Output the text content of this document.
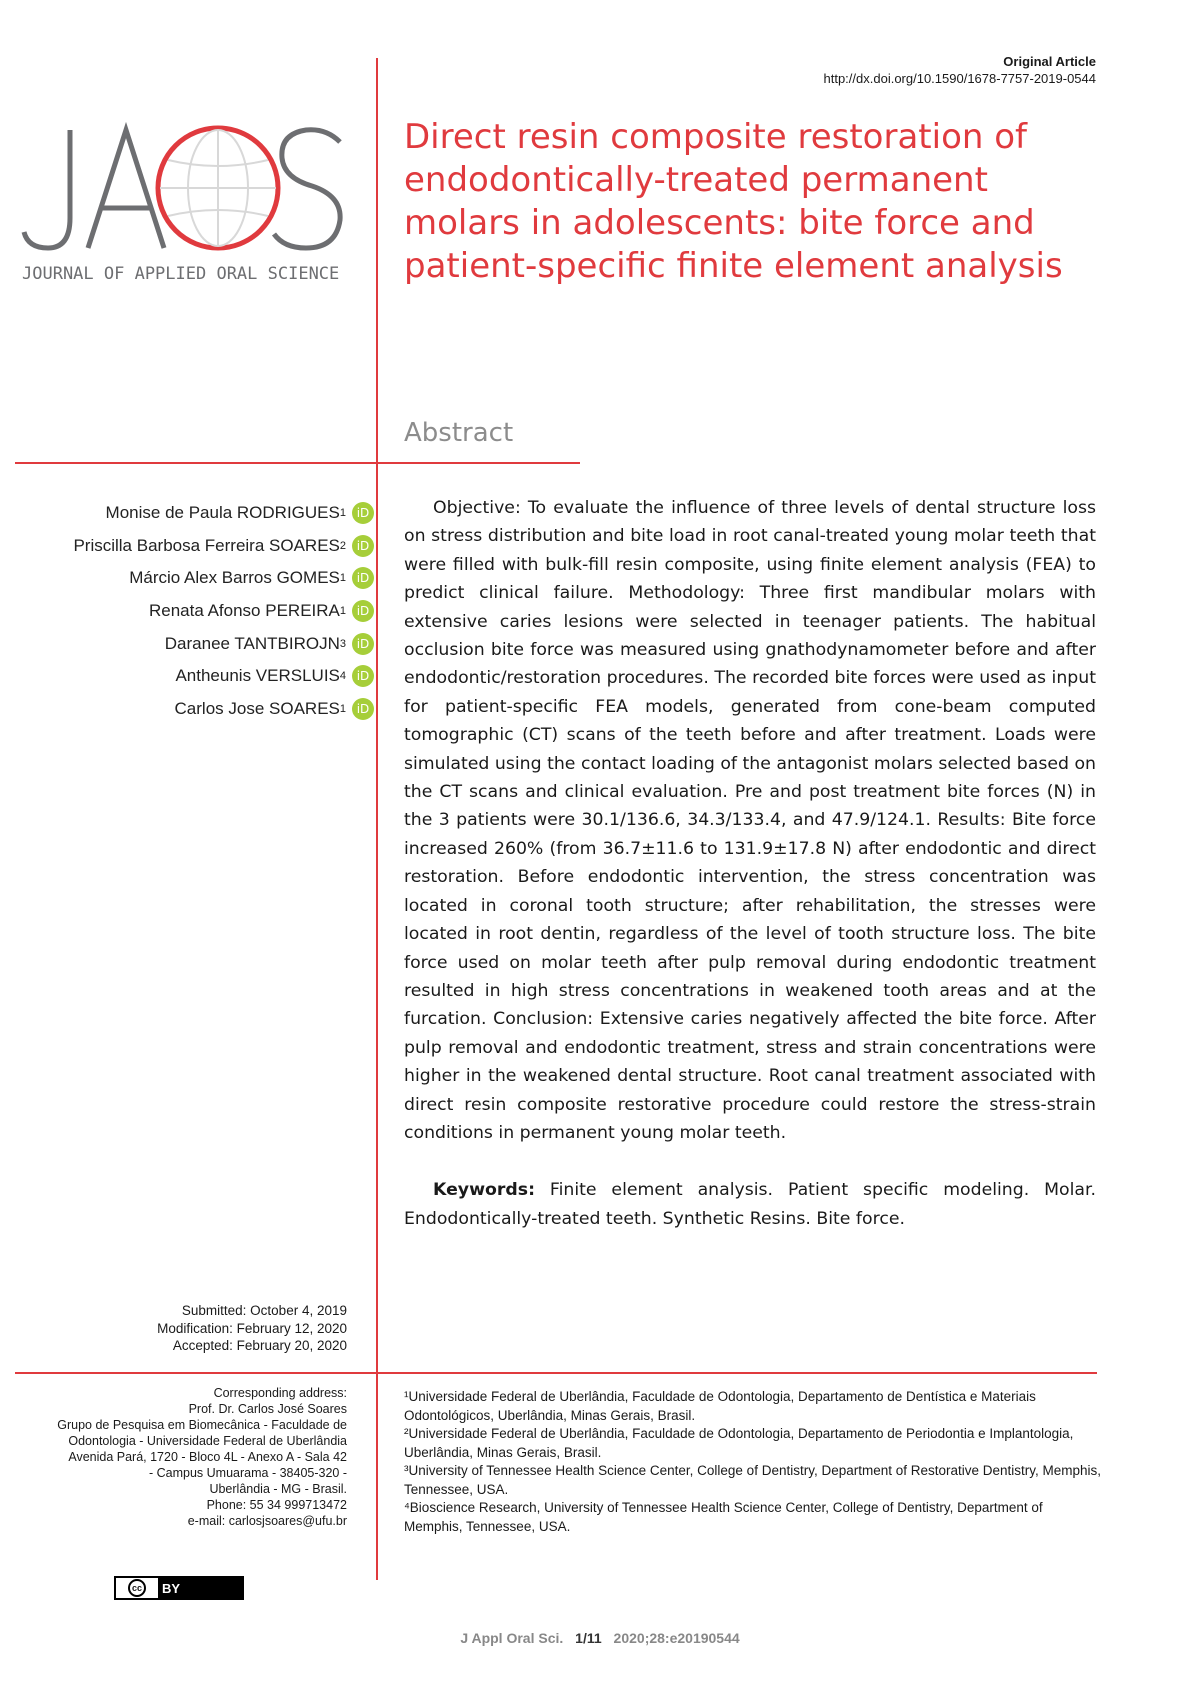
Original Article
http://dx.doi.org/10.1590/1678-7757-2019-0544
JOURNAL OF APPLIED ORAL SCIENCE
Direct resin composite restoration of endodontically-treated permanent molars in adolescents: bite force and patient-specific finite element analysis
Abstract
Monise de Paula RODRIGUES 1 iD
Priscilla Barbosa Ferreira SOARES 2 iD
Márcio Alex Barros GOMES 1 iD
Renata Afonso PEREIRA 1 iD
Daranee TANTBIROJN 3 iD
Antheunis VERSLUIS 4 iD
Carlos Jose SOARES 1 iD

Objective: To evaluate the influence of three levels of dental structure loss on stress distribution and bite load in root canal-treated young molar teeth that were filled with bulk-fill resin composite, using finite element analysis (FEA) to predict clinical failure. Methodology: Three first mandibular molars with extensive caries lesions were selected in teenager patients. The habitual occlusion bite force was measured using gnathodynamometer before and after endodontic/restoration procedures. The recorded bite forces were used as input for patient-specific FEA models, generated from cone-beam computed tomographic (CT) scans of the teeth before and after treatment. Loads were simulated using the contact loading of the antagonist molars selected based on the CT scans and clinical evaluation. Pre and post treatment bite forces (N) in the 3 patients were 30.1/136.6, 34.3/133.4, and 47.9/124.1. Results: Bite force increased 260% (from 36.7±11.6 to 131.9±17.8 N) after endodontic and direct restoration. Before endodontic intervention, the stress concentration was located in coronal tooth structure; after rehabilitation, the stresses were located in root dentin, regardless of the level of tooth structure loss. The bite force used on molar teeth after pulp removal during endodontic treatment resulted in high stress concentrations in weakened tooth areas and at the furcation. Conclusion: Extensive caries negatively affected the bite force. After pulp removal and endodontic treatment, stress and strain concentrations were higher in the weakened dental structure. Root canal treatment associated with direct resin composite restorative procedure could restore the stress-strain conditions in permanent young molar teeth.

Keywords: Finite element analysis. Patient specific modeling. Molar. Endodontically-treated teeth. Synthetic Resins. Bite force.

Submitted: October 4, 2019
Modification: February 12, 2020
Accepted: February 20, 2020
Corresponding address:
Prof. Dr. Carlos José Soares
Grupo de Pesquisa em Biomecânica - Faculdade de
Odontologia - Universidade Federal de Uberlândia
Avenida Pará, 1720 - Bloco 4L - Anexo A - Sala 42
- Campus Umuarama - 38405-320 -
Uberlândia - MG - Brasil.
Phone: 55 34 999713472
e-mail: carlosjsoares@ufu.br

¹Universidade Federal de Uberlândia, Faculdade de Odontologia, Departamento de Dentística e Materiais Odontológicos, Uberlândia, Minas Gerais, Brasil.

²Universidade Federal de Uberlândia, Faculdade de Odontologia, Departamento de Periodontia e Implantologia, Uberlândia, Minas Gerais, Brasil.

³University of Tennessee Health Science Center, College of Dentistry, Department of Restorative Dentistry, Memphis, Tennessee, USA.

⁴Bioscience Research, University of Tennessee Health Science Center, College of Dentistry, Department of Memphis, Tennessee, USA.

cc	BY
J Appl Oral Sci. 1/11 2020;28:e20190544
